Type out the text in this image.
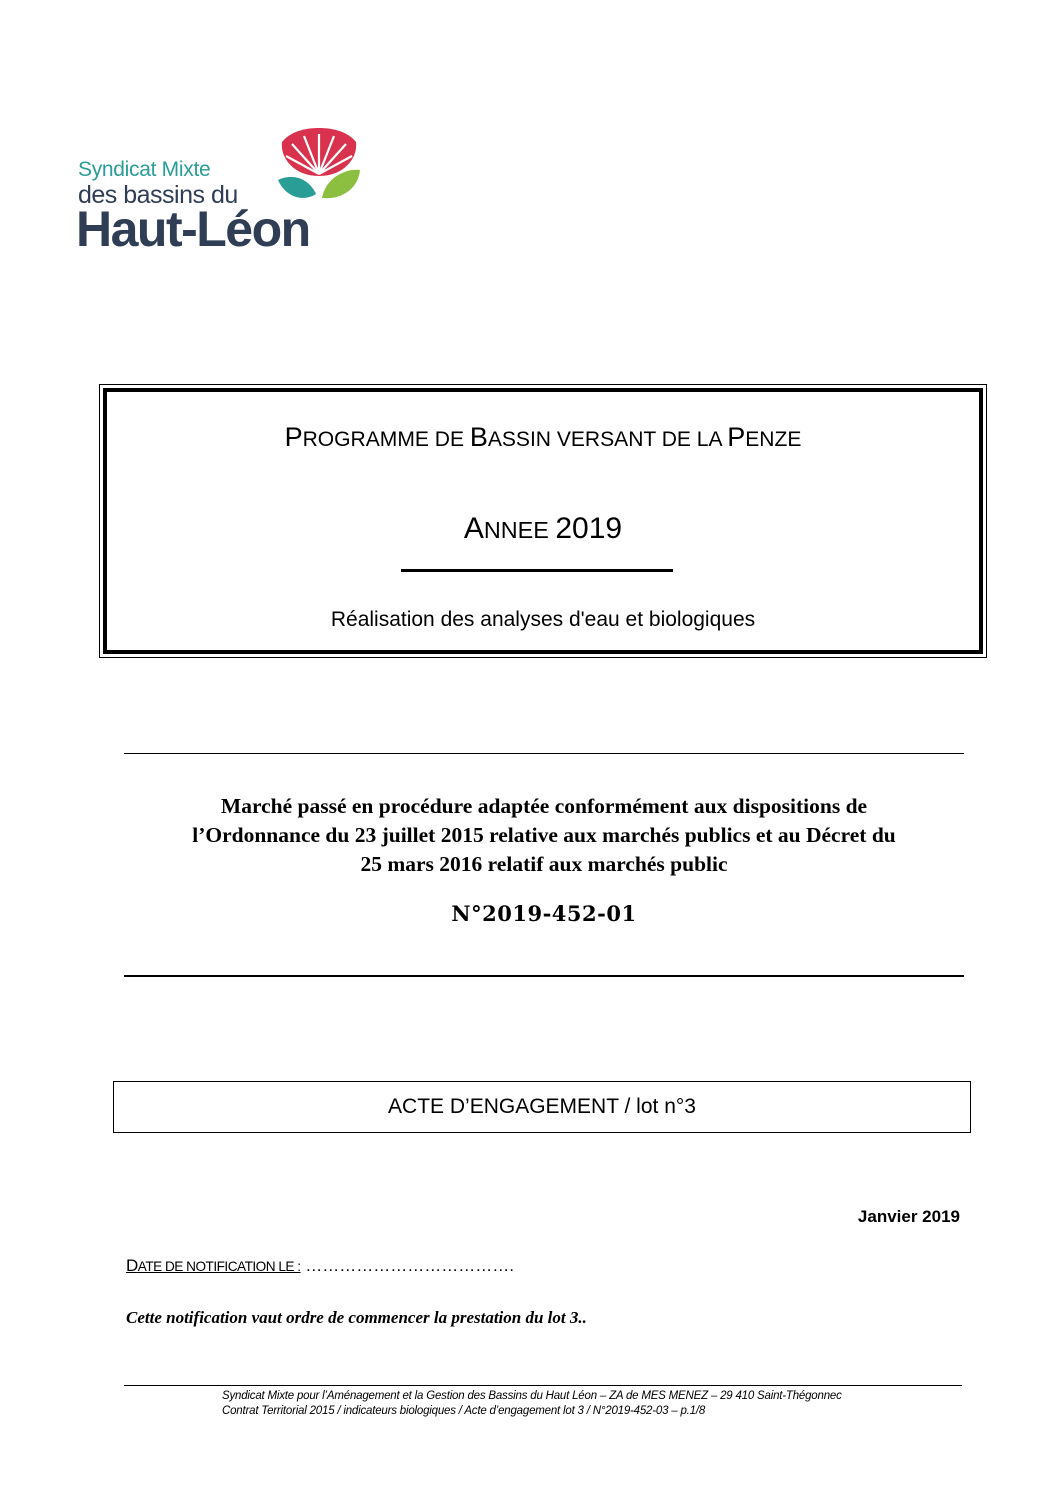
Syndicat Mixte
des bassins du
Haut-Léon
PROGRAMME DE BASSIN VERSANT DE LA PENZE
ANNEE 2019
Réalisation des analyses d'eau et biologiques
Marché passé en procédure adaptée conformément aux dispositions de
l’Ordonnance du 23 juillet 2015 relative aux marchés publics et au Décret du
25 mars 2016 relatif aux marchés public
N°2019-452-01
ACTE D’ENGAGEMENT / lot n°3
Janvier 2019
DATE DE NOTIFICATION LE : ……………………………….
Cette notification vaut ordre de commencer la prestation du lot 3..
Syndicat Mixte pour l’Aménagement et la Gestion des Bassins du Haut Léon – ZA de MES MENEZ – 29 410 Saint-Thégonnec
Contrat Territorial 2015 / indicateurs biologiques / Acte d’engagement lot 3 / N°2019-452-03 – p.1/8
